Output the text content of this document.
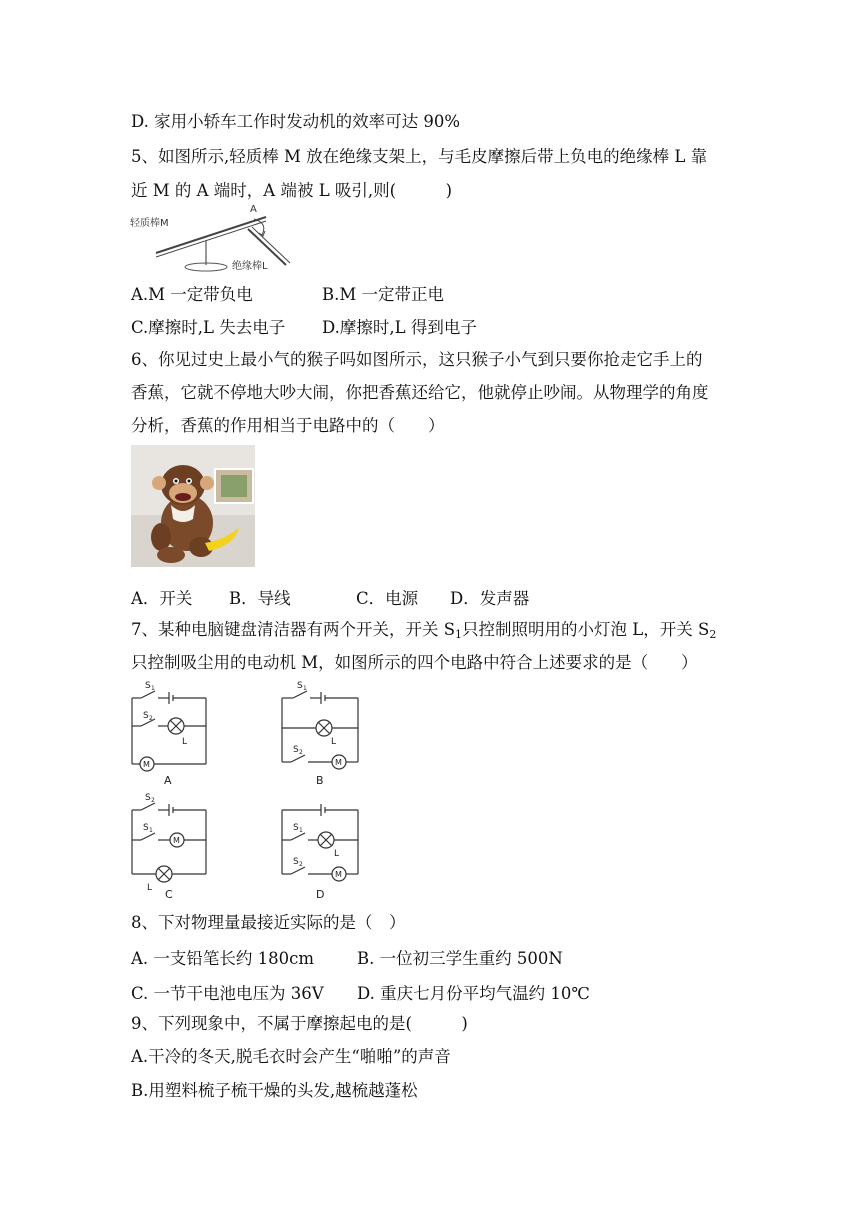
D. 家用小轿车工作时发动机的效率可达 90%
5、如图所示,轻质棒 M 放在绝缘支架上，与毛皮摩擦后带上负电的绝缘棒 L 靠
近 M 的 A 端时，A 端被 L 吸引,则(　　　)
轻质棒M
A
绝缘棒L
A.M 一定带负电	B.M 一定带正电
C.摩擦时,L 失去电子 D.摩擦时,L 得到电子
6、你见过史上最小气的猴子吗如图所示，这只猴子小气到只要你抢走它手上的
香蕉，它就不停地大吵大闹，你把香蕉还给它，他就停止吵闹。从物理学的角度
分析，香蕉的作用相当于电路中的（　　）
A．开关 B．导线	C．电源 D．发声器
7、某种电脑键盘清洁器有两个开关，开关 $S_1$只控制照明用的小灯泡 L，开关 $S_2$
只控制吸尘用的电动机 M，如图所示的四个电路中符合上述要求的是（　　）
S 1
S 2
L
M
A
S 1
L
S 2
M
B
S 2
S 1
M
L C
S 1
L
S 2
M
D
8、下对物理量最接近实际的是（　）
A. 一支铅笔长约 180cm	B. 一位初三学生重约 500N
C. 一节干电池电压为 36V D. 重庆七月份平均气温约 10℃
9、下列现象中，不属于摩擦起电的是(　　　)
A.干冷的冬天,脱毛衣时会产生“啪啪”的声音
B.用塑料梳子梳干燥的头发,越梳越蓬松
